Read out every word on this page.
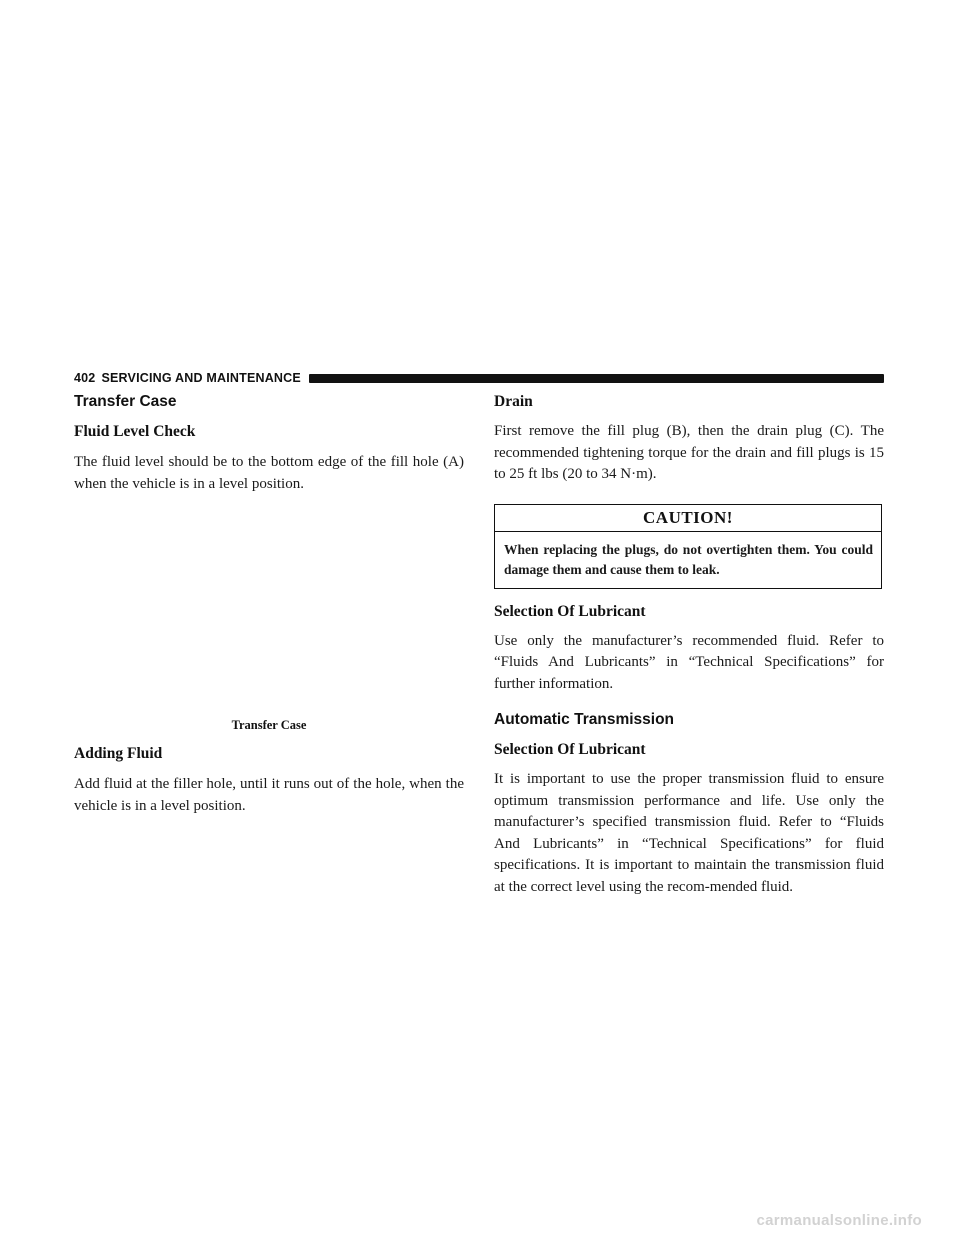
402 SERVICING AND MAINTENANCE
Transfer Case
Fluid Level Check

The fluid level should be to the bottom edge of the fill hole (A) when the vehicle is in a level position.

Transfer Case
Adding Fluid

Add fluid at the filler hole, until it runs out of the hole, when the vehicle is in a level position.

Drain

First remove the fill plug (B), then the drain plug (C). The recommended tightening torque for the drain and fill plugs is 15 to 25 ft lbs (20 to 34 N·m).

CAUTION!
When replacing the plugs, do not overtighten them. You could damage them and cause them to leak.
Selection Of Lubricant

Use only the manufacturer’s recommended fluid. Refer to “Fluids And Lubricants” in “Technical Specifications” for further information.

Automatic Transmission
Selection Of Lubricant

It is important to use the proper transmission fluid to ensure optimum transmission performance and life. Use only the manufacturer’s specified transmission fluid. Refer to “Fluids And Lubricants” in “Technical Specifications” for fluid specifications. It is important to maintain the transmission fluid at the correct level using the recom-mended fluid.

carmanualsonline.info
